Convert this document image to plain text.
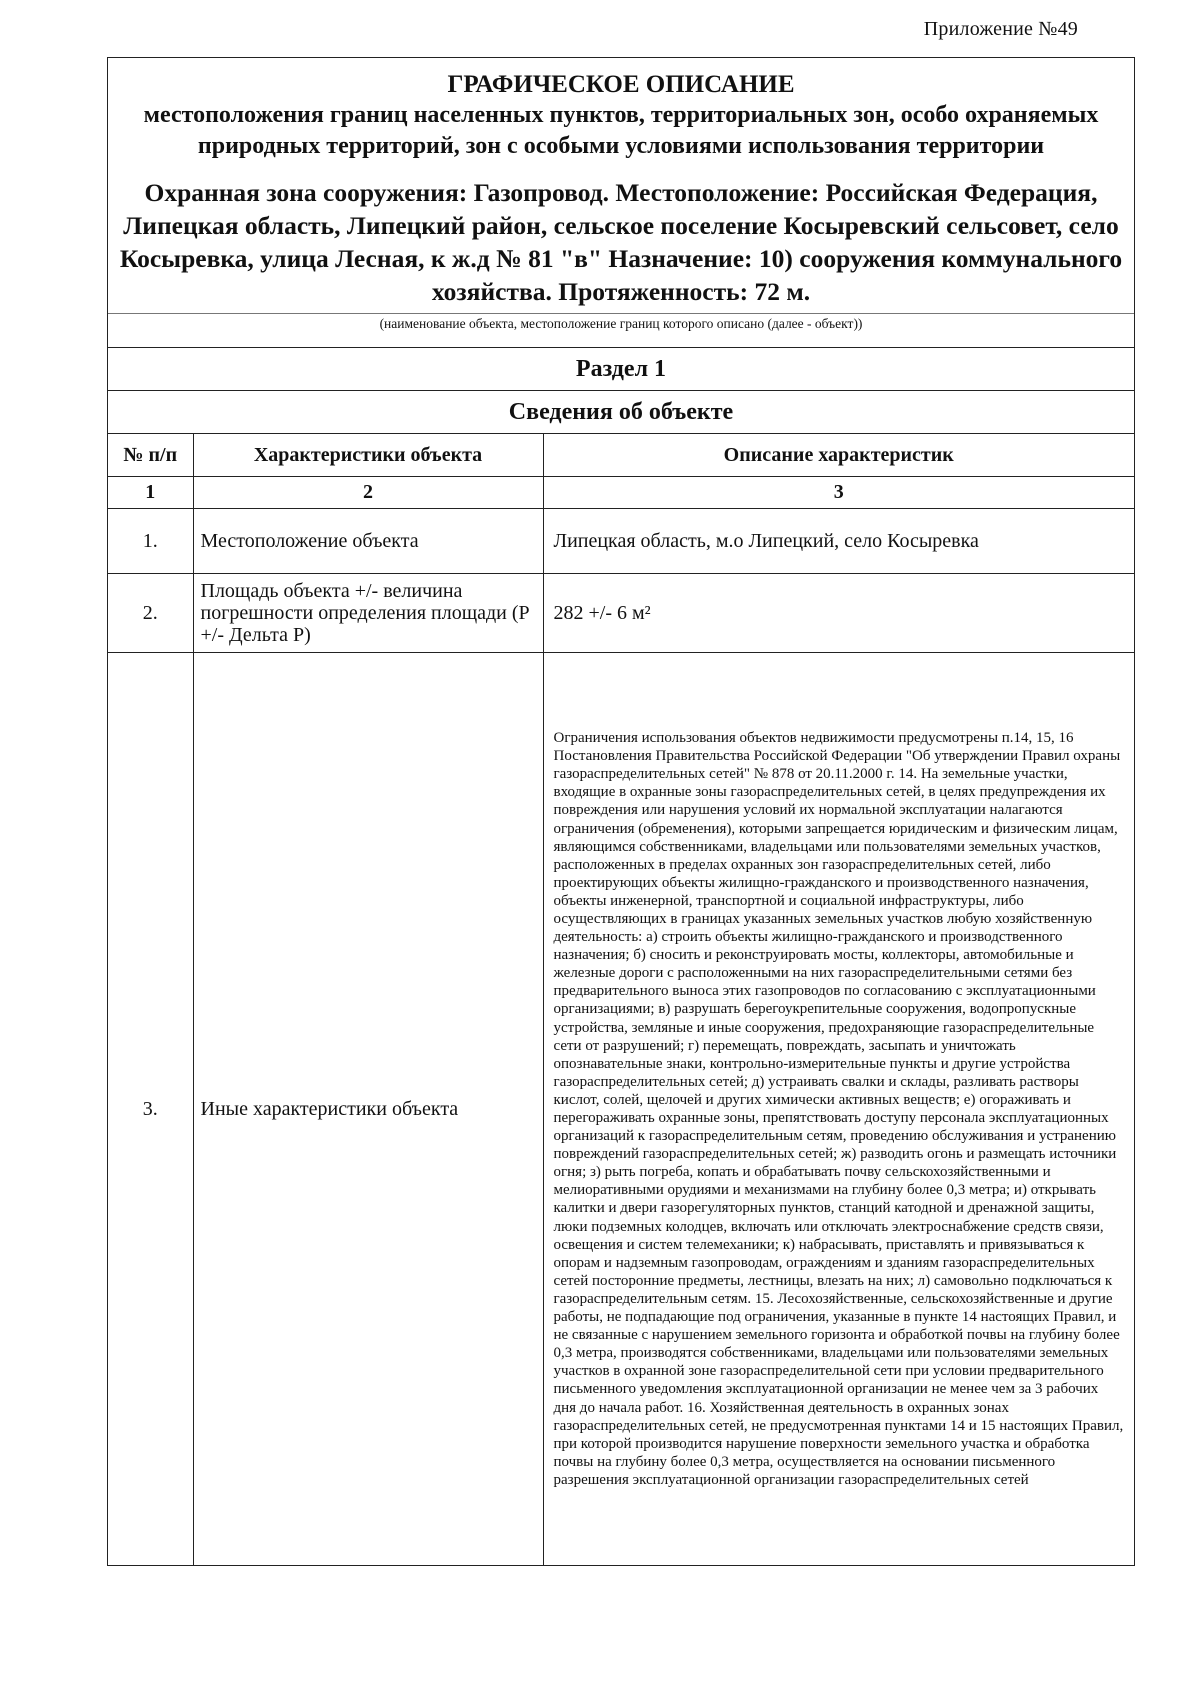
Приложение №49
ГРАФИЧЕСКОЕ ОПИСАНИЕ
местоположения границ населенных пунктов, территориальных зон, особо охраняемых природных территорий, зон с особыми условиями использования территории
Охранная зона сооружения: Газопровод. Местоположение: Российская Федерация, Липецкая область, Липецкий район, сельское поселение Косыревский сельсовет, село Косыревка, улица Лесная, к ж.д № 81 "в" Назначение: 10) сооружения коммунального хозяйства. Протяженность: 72 м.
(наименование объекта, местоположение границ которого описано (далее - объект))
Раздел 1
Сведения об объекте
№ п/п	Характеристики объекта	Описание характеристик
1	2	3
1.	Местоположение объекта	Липецкая область, м.о Липецкий, село Косыревка
2.	Площадь объекта +/- величина погрешности определения площади (Р +/- Дельта Р)	282 +/- 6 м²
3.	Иные характеристики объекта	Ограничения использования объектов недвижимости предусмотрены п.14, 15, 16 Постановления Правительства Российской Федерации "Об утверждении Правил охраны газораспределительных сетей" № 878 от 20.11.2000 г. 14. На земельные участки, входящие в охранные зоны газораспределительных сетей, в целях предупреждения их повреждения или нарушения условий их нормальной эксплуатации налагаются ограничения (обременения), которыми запрещается юридическим и физическим лицам, являющимся собственниками, владельцами или пользователями земельных участков, расположенных в пределах охранных зон газораспределительных сетей, либо проектирующих объекты жилищно-гражданского и производственного назначения, объекты инженерной, транспортной и социальной инфраструктуры, либо осуществляющих в границах указанных земельных участков любую хозяйственную деятельность: а) строить объекты жилищно-гражданского и производственного назначения; б) сносить и реконструировать мосты, коллекторы, автомобильные и железные дороги с расположенными на них газораспределительными сетями без предварительного выноса этих газопроводов по согласованию с эксплуатационными организациями; в) разрушать берегоукрепительные сооружения, водопропускные устройства, земляные и иные сооружения, предохраняющие газораспределительные сети от разрушений; г) перемещать, повреждать, засыпать и уничтожать опознавательные знаки, контрольно-измерительные пункты и другие устройства газораспределительных сетей; д) устраивать свалки и склады, разливать растворы кислот, солей, щелочей и других химически активных веществ; е) огораживать и перегораживать охранные зоны, препятствовать доступу персонала эксплуатационных организаций к газораспределительным сетям, проведению обслуживания и устранению повреждений газораспределительных сетей; ж) разводить огонь и размещать источники огня; з) рыть погреба, копать и обрабатывать почву сельскохозяйственными и мелиоративными орудиями и механизмами на глубину более 0,3 метра; и) открывать калитки и двери газорегуляторных пунктов, станций катодной и дренажной защиты, люки подземных колодцев, включать или отключать электроснабжение средств связи, освещения и систем телемеханики; к) набрасывать, приставлять и привязываться к опорам и надземным газопроводам, ограждениям и зданиям газораспределительных сетей посторонние предметы, лестницы, влезать на них; л) самовольно подключаться к газораспределительным сетям. 15. Лесохозяйственные, сельскохозяйственные и другие работы, не подпадающие под ограничения, указанные в пункте 14 настоящих Правил, и не связанные с нарушением земельного горизонта и обработкой почвы на глубину более 0,3 метра, производятся собственниками, владельцами или пользователями земельных участков в охранной зоне газораспределительной сети при условии предварительного письменного уведомления эксплуатационной организации не менее чем за 3 рабочих дня до начала работ. 16. Хозяйственная деятельность в охранных зонах газораспределительных сетей, не предусмотренная пунктами 14 и 15 настоящих Правил, при которой производится нарушение поверхности земельного участка и обработка почвы на глубину более 0,3 метра, осуществляется на основании письменного разрешения эксплуатационной организации газораспределительных сетей
